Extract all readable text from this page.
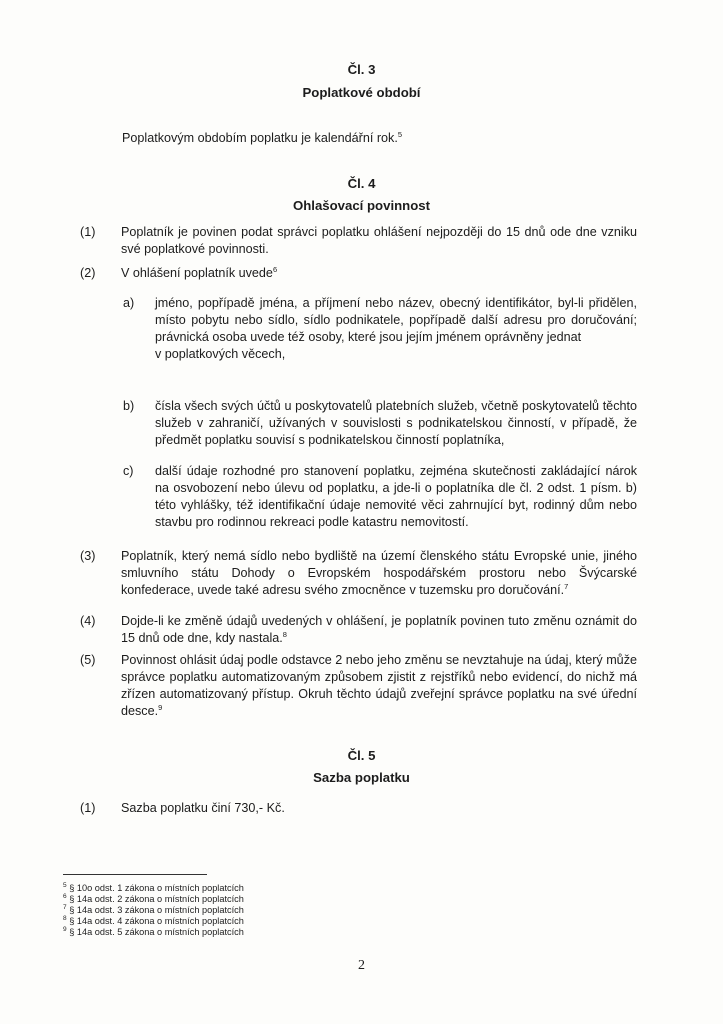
Čl. 3
Poplatkové období
Poplatkovým obdobím poplatku je kalendářní rok.$^5$
Čl. 4
Ohlašovací povinnost
(1) Poplatník je povinen podat správci poplatku ohlášení nejpozději do 15 dnů ode dne vzniku své poplatkové povinnosti.
(2) V ohlášení poplatník uvede$^6$
a) jméno, popřípadě jména, a příjmení nebo název, obecný identifikátor, byl-li přidělen, místo pobytu nebo sídlo, sídlo podnikatele, popřípadě další adresu pro doručování; právnická osoba uvede též osoby, které jsou jejím jménem oprávněny jednat
v poplatkových věcech,
b) čísla všech svých účtů u poskytovatelů platebních služeb, včetně poskytovatelů těchto služeb v zahraničí, užívaných v souvislosti s podnikatelskou činností, v případě, že předmět poplatku souvisí s podnikatelskou činností poplatníka,
c) další údaje rozhodné pro stanovení poplatku, zejména skutečnosti zakládající nárok na osvobození nebo úlevu od poplatku, a jde-li o poplatníka dle čl. 2 odst. 1 písm. b) této vyhlášky, též identifikační údaje nemovité věci zahrnující byt, rodinný dům nebo stavbu pro rodinnou rekreaci podle katastru nemovitostí.
(3) Poplatník, který nemá sídlo nebo bydliště na území členského státu Evropské unie, jiného smluvního státu Dohody o Evropském hospodářském prostoru nebo Švýcarské konfederace, uvede také adresu svého zmocněnce v tuzemsku pro doručování.$^7$
(4) Dojde-li ke změně údajů uvedených v ohlášení, je poplatník povinen tuto změnu oznámit do 15 dnů ode dne, kdy nastala.$^8$
(5) Povinnost ohlásit údaj podle odstavce 2 nebo jeho změnu se nevztahuje na údaj, který může správce poplatku automatizovaným způsobem zjistit z rejstříků nebo evidencí, do nichž má zřízen automatizovaný přístup. Okruh těchto údajů zveřejní správce poplatku na své úřední desce.$^9$
Čl. 5
Sazba poplatku
(1) Sazba poplatku činí 730,- Kč.
$^5$ § 10o odst. 1 zákona o místních poplatcích
$^6$ § 14a odst. 2 zákona o místních poplatcích
$^7$ § 14a odst. 3 zákona o místních poplatcích
$^8$ § 14a odst. 4 zákona o místních poplatcích
$^9$ § 14a odst. 5 zákona o místních poplatcích
2
